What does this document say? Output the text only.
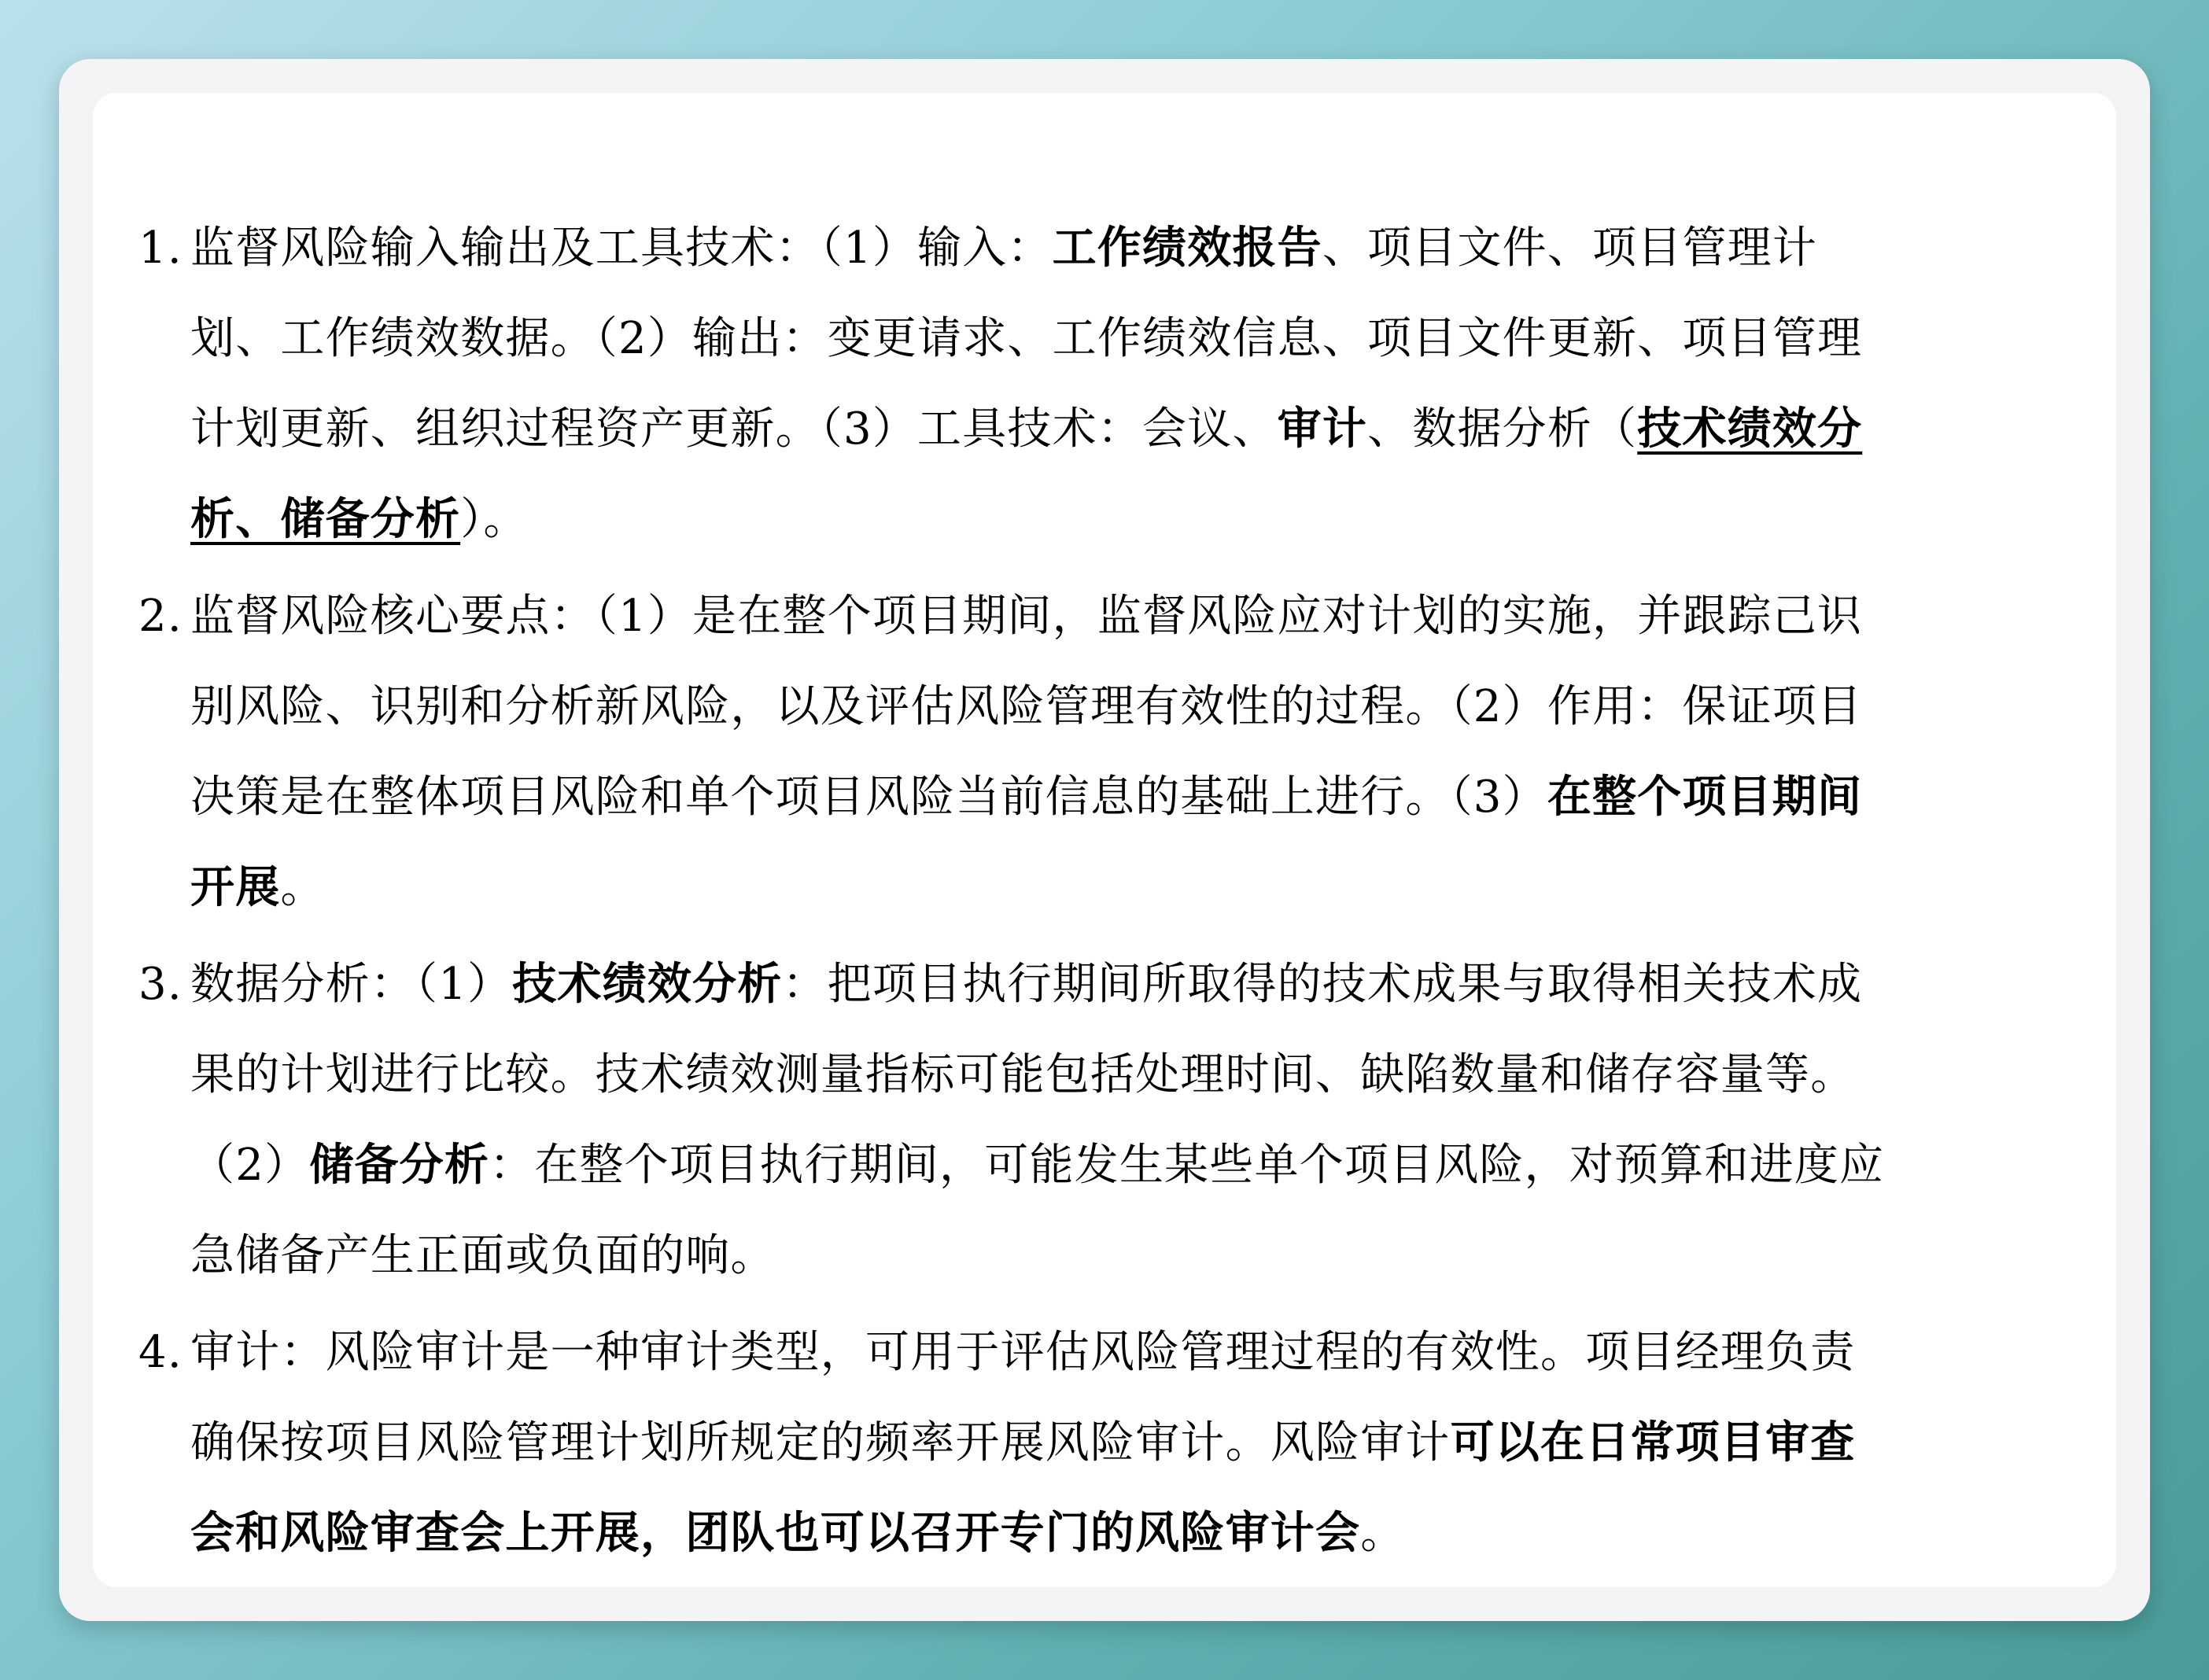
1. 监督风险输入输出及工具技术：（1）输入：工作绩效报告、项目文件、项目管理计
划、工作绩效数据。（2）输出：变更请求、工作绩效信息、项目文件更新、项目管理
计划更新、组织过程资产更新。（3）工具技术：会议、审计、数据分析（技术绩效分
析、储备分析）。
2. 监督风险核心要点：（1）是在整个项目期间，监督风险应对计划的实施，并跟踪己识
别风险、识别和分析新风险，以及评估风险管理有效性的过程。（2）作用：保证项目
决策是在整体项目风险和单个项目风险当前信息的基础上进行。（3）在整个项目期间
开展。
3. 数据分析：（1）技术绩效分析：把项目执行期间所取得的技术成果与取得相关技术成
果的计划进行比较。技术绩效测量指标可能包括处理时间、缺陷数量和储存容量等。
（2）储备分析：在整个项目执行期间，可能发生某些单个项目风险，对预算和进度应
急储备产生正面或负面的响。
4. 审计：风险审计是一种审计类型，可用于评估风险管理过程的有效性。项目经理负责
确保按项目风险管理计划所规定的频率开展风险审计。风险审计可以在日常项目审查
会和风险审查会上开展，团队也可以召开专门的风险审计会。
